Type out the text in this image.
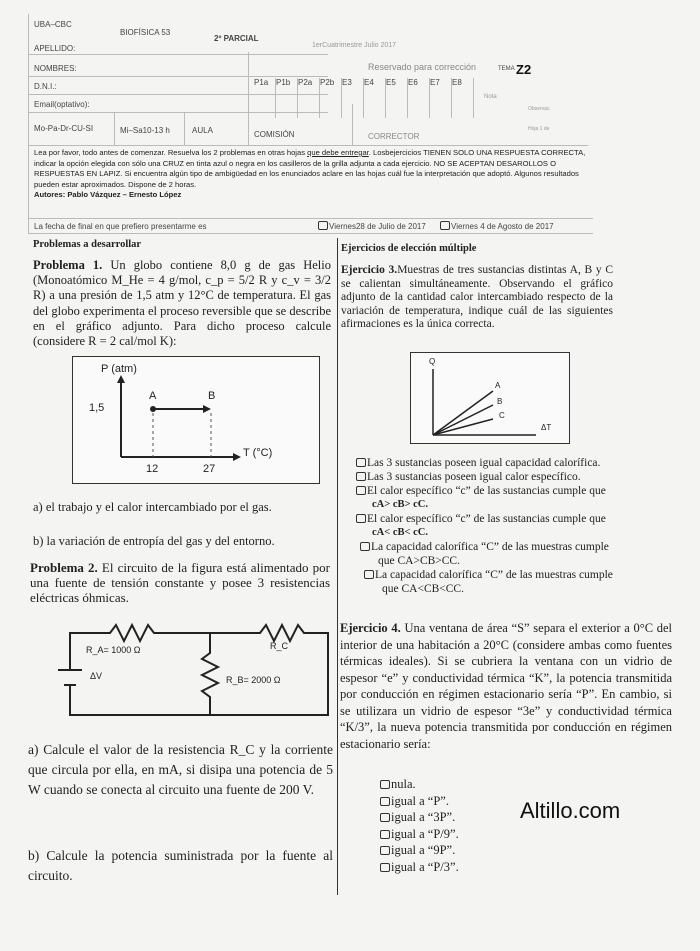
UBA–CBC
BIOFÍSICA 53
2º PARCIAL
1erCuatrimestre Julio 2017
APELLIDO:
NOMBRES:
D.N.I.:
Email(optativo):
Mo-Pa-Dr-CU-SI	Mi–Sa10-13 h	AULA	COMISIÓN	CORRECTOR
Reservado para corrección	TEMA Z2
P1a P1b P2a P2b E3	E4	E5	E6	E7	E8
Nota
Observac.
Hoja 1 de
Lea por favor, todo antes de comenzar. Resuelva los 2 problemas en otras hojas que debe entregar. Losbejercicios TIENEN SOLO UNA RESPUESTA CORRECTA, indicar la opción elegida con sólo una CRUZ en tinta azul o negra en los casilleros de la grilla adjunta a cada ejercicio. NO SE ACEPTAN DESAROLLOS O RESPUESTAS EN LAPIZ. Si encuentra algún tipo de ambigüedad en los enunciados aclare en las hojas cuál fue la interpretación que adoptó. Algunos resultados pueden estar aproximados. Dispone de 2 horas.
Autores: Pablo Vázquez – Ernesto López
La fecha de final en que prefiero presentarme es	Viernes28 de Julio de 2017	Viernes 4 de Agosto de 2017
Problemas a desarrollar
Problema 1. Un globo contiene 8,0 g de gas Helio (Monoatómico M_He = 4 g/mol, c_p = 5/2 R y c_v = 3/2 R) a una presión de 1,5 atm y 12°C de temperatura. El gas del globo experimenta el proceso reversible que se describe en el gráfico adjunto. Para dicho proceso calcule (considere R = 2 cal/mol K):
P (atm)
T (°C)
1,5
12	27
A	B
a) el trabajo y el calor intercambiado por el gas.
b) la variación de entropía del gas y del entorno.
Problema 2. El circuito de la figura está alimentado por una fuente de tensión constante y posee 3 resistencias eléctricas óhmicas.
R_A= 1000 Ω
R_B= 2000 Ω
R_C
ΔV
a) Calcule el valor de la resistencia R_C y la corriente que circula por ella, en mA, si disipa una potencia de 5 W cuando se conecta al circuito una fuente de 200 V.
b) Calcule la potencia suministrada por la fuente al circuito.
Ejercicios de elección múltiple
Ejercicio 3.Muestras de tres sustancias distintas A, B y C se calientan simultáneamente. Observando el gráfico adjunto de la cantidad calor intercambiado respecto de la variación de temperatura, indique cuál de las siguientes afirmaciones es la única correcta.
Q
ΔT
A
B
C
Las 3 sustancias poseen igual capacidad calorífica.
Las 3 sustancias poseen igual calor específico.
El calor específico “c” de las sustancias cumple que
cA> cB> cC.
El calor específico “c” de las sustancias cumple que
cA< cB< cC.
La capacidad calorífica “C” de las muestras cumple
que CA>CB>CC.
La capacidad calorífica “C” de las muestras cumple
que CA<CB<CC.
Ejercicio 4. Una ventana de área “S” separa el exterior a 0°C del interior de una habitación a 20°C (considere ambas como fuentes térmicas ideales). Si se cubriera la ventana con un vidrio de espesor “e” y conductividad térmica “K”, la potencia transmitida por conducción en régimen estacionario sería “P”. En cambio, si se utilizara un vidrio de espesor “3e” y conductividad térmica “K/3”, la nueva potencia transmitida por conducción en régimen estacionario sería:
nula.
igual a “P”.
igual a “3P”.
igual a “P/9”.
igual a “9P”.
igual a “P/3”.
Altillo.com
